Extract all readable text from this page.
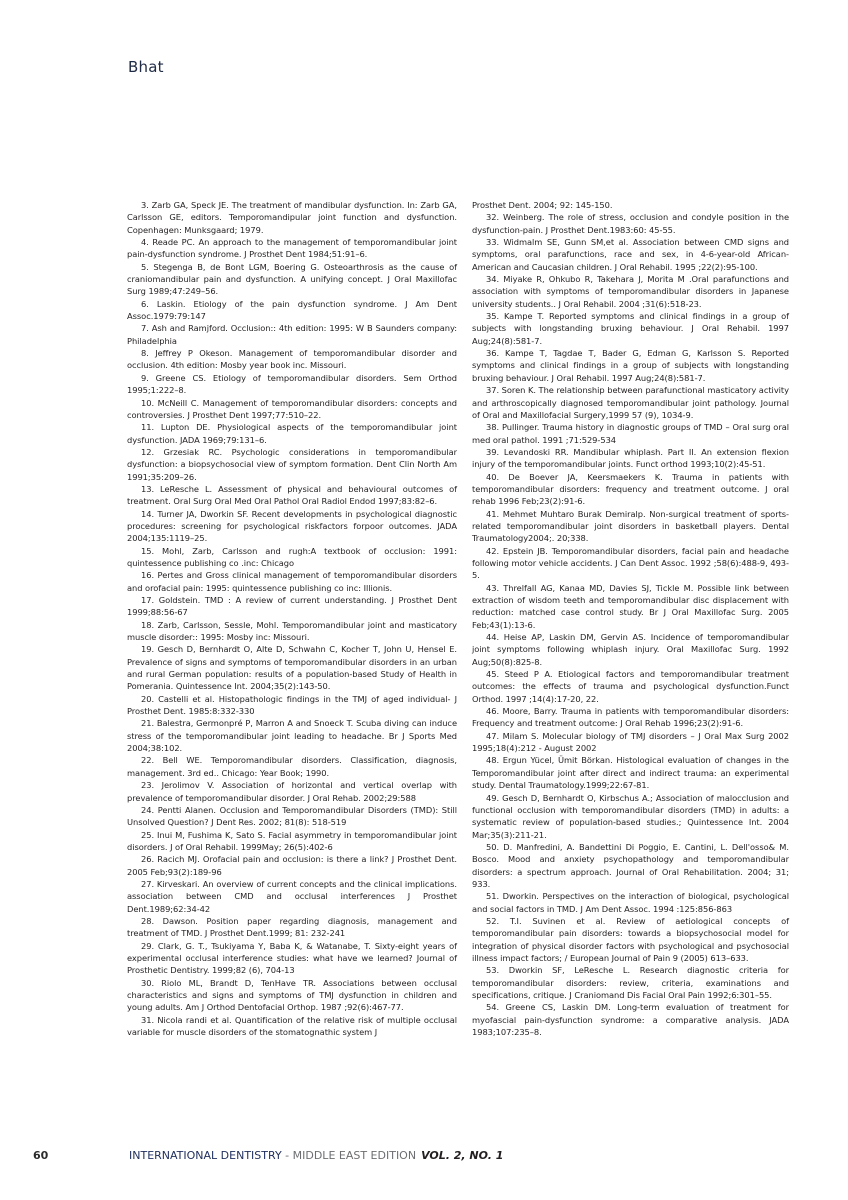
Bhat

3. Zarb GA, Speck JE. The treatment of mandibular dysfunction. In: Zarb GA, Carlsson GE, editors. Temporomandipular joint function and dysfunction. Copenhagen: Munksgaard; 1979.

4. Reade PC. An approach to the management of temporomandibular joint pain-dysfunction syndrome. J Prosthet Dent 1984;51:91–6.

5. Stegenga B, de Bont LGM, Boering G. Osteoarthrosis as the cause of craniomandibular pain and dysfunction. A unifying concept. J Oral Maxillofac Surg 1989;47:249–56.

6. Laskin. Etiology of the pain dysfunction syndrome. J Am Dent Assoc.1979:79:147

7. Ash and Ramjford. Occlusion:: 4th edition: 1995: W B Saunders company: Philadelphia

8. Jeffrey P Okeson. Management of temporomandibular disorder and occlusion. 4th edition: Mosby year book inc. Missouri.

9. Greene CS. Etiology of temporomandibular disorders. Sem Orthod 1995;1:222–8.

10. McNeill C. Management of temporomandibular disorders: concepts and controversies. J Prosthet Dent 1997;77:510–22.

11. Lupton DE. Physiological aspects of the temporomandibular joint dysfunction. JADA 1969;79:131–6.

12. Grzesiak RC. Psychologic considerations in temporomandibular dysfunction: a biopsychosocial view of symptom formation. Dent Clin North Am 1991;35:209–26.

13. LeResche L. Assessment of physical and behavioural outcomes of treatment. Oral Surg Oral Med Oral Pathol Oral Radiol Endod 1997;83:82–6.

14. Turner JA, Dworkin SF. Recent developments in psychological diagnostic procedures: screening for psychological riskfactors forpoor outcomes. JADA 2004;135:1119–25.

15. Mohl, Zarb, Carlsson and rugh:A textbook of occlusion: 1991: quintessence publishing co .inc: Chicago

16. Pertes and Gross clinical management of temporomandibular disorders and orofacial pain: 1995: quintessence publishing co inc: Illionis.

17. Goldstein. TMD : A review of current understanding. J Prosthet Dent 1999;88:56-67

18. Zarb, Carlsson, Sessle, Mohl. Temporomandibular joint and masticatory muscle disorder:: 1995: Mosby inc: Missouri.

19. Gesch D, Bernhardt O, Alte D, Schwahn C, Kocher T, John U, Hensel E. Prevalence of signs and symptoms of temporomandibular disorders in an urban and rural German population: results of a population-based Study of Health in Pomerania. Quintessence Int. 2004;35(2):143-50.

20. Castelli et al. Histopathologic findings in the TMJ of aged individual- J Prosthet Dent. 1985:8:332-330

21. Balestra, Germonpré P, Marron A and Snoeck T. Scuba diving can induce stress of the temporomandibular joint leading to headache. Br J Sports Med 2004;38:102.

22. Bell WE. Temporomandibular disorders. Classification, diagnosis, management. 3rd ed.. Chicago: Year Book; 1990.

23. Jerolimov V. Association of horizontal and vertical overlap with prevalence of temporomandibular disorder. J Oral Rehab. 2002;29:588

24. Pentti Alanen. Occlusion and Temporomandibular Disorders (TMD): Still Unsolved Question? J Dent Res. 2002; 81(8): 518-519

25. Inui M, Fushima K, Sato S. Facial asymmetry in temporomandibular joint disorders. J of Oral Rehabil. 1999May; 26(5):402-6

26. Racich MJ. Orofacial pain and occlusion: is there a link? J Prosthet Dent. 2005 Feb;93(2):189-96

27. Kirveskari. An overview of current concepts and the clinical implications. association between CMD and occlusal interferences J Prosthet Dent.1989;62:34-42

28. Dawson. Position paper regarding diagnosis, management and treatment of TMD. J Prosthet Dent.1999; 81: 232-241

29. Clark, G. T., Tsukiyama Y, Baba K, & Watanabe, T. Sixty-eight years of experimental occlusal interference studies: what have we learned? Journal of Prosthetic Dentistry. 1999;82 (6), 704-13

30. Riolo ML, Brandt D, TenHave TR. Associations between occlusal characteristics and signs and symptoms of TMJ dysfunction in children and young adults. Am J Orthod Dentofacial Orthop. 1987 ;92(6):467-77.

31. Nicola randi et al. Quantification of the relative risk of multiple occlusal variable for muscle disorders of the stomatognathic system J

Prosthet Dent. 2004; 92: 145-150.

32. Weinberg. The role of stress, occlusion and condyle position in the dysfunction-pain. J Prosthet Dent.1983:60: 45-55.

33. Widmalm SE, Gunn SM,et al. Association between CMD signs and symptoms, oral parafunctions, race and sex, in 4-6-year-old African-American and Caucasian children. J Oral Rehabil. 1995 ;22(2):95-100.

34. Miyake R, Ohkubo R, Takehara J, Morita M .Oral parafunctions and association with symptoms of temporomandibular disorders in Japanese university students.. J Oral Rehabil. 2004 ;31(6):518-23.

35. Kampe T. Reported symptoms and clinical findings in a group of subjects with longstanding bruxing behaviour. J Oral Rehabil. 1997 Aug;24(8):581-7.

36. Kampe T, Tagdae T, Bader G, Edman G, Karlsson S. Reported symptoms and clinical findings in a group of subjects with longstanding bruxing behaviour. J Oral Rehabil. 1997 Aug;24(8):581-7.

37. Soren K. The relationship between parafunctional masticatory activity and arthroscopically diagnosed temporomandibular joint pathology. Journal of Oral and Maxillofacial Surgery,1999 57 (9), 1034-9.

38. Pullinger. Trauma history in diagnostic groups of TMD – Oral surg oral med oral pathol. 1991 ;71:529-534

39. Levandoski RR. Mandibular whiplash. Part II. An extension flexion injury of the temporomandibular joints. Funct orthod 1993;10(2):45-51.

40. De Boever JA, Keersmaekers K. Trauma in patients with temporomandibular disorders: frequency and treatment outcome. J oral rehab 1996 Feb;23(2):91-6.

41. Mehmet Muhtaro Burak Demiralp. Non-surgical treatment of sports-related temporomandibular joint disorders in basketball players. Dental Traumatology2004;. 20;338.

42. Epstein JB. Temporomandibular disorders, facial pain and headache following motor vehicle accidents. J Can Dent Assoc. 1992 ;58(6):488-9, 493-5.

43. Threlfall AG, Kanaa MD, Davies SJ, Tickle M. Possible link between extraction of wisdom teeth and temporomandibular disc displacement with reduction: matched case control study. Br J Oral Maxillofac Surg. 2005 Feb;43(1):13-6.

44. Heise AP, Laskin DM, Gervin AS. Incidence of temporomandibular joint symptoms following whiplash injury. Oral Maxillofac Surg. 1992 Aug;50(8):825-8.

45. Steed P A. Etiological factors and temporomandibular treatment outcomes: the effects of trauma and psychological dysfunction.Funct Orthod. 1997 ;14(4):17-20, 22.

46. Moore, Barry. Trauma in patients with temporomandibular disorders: Frequency and treatment outcome: J Oral Rehab 1996;23(2):91-6.

47. Milam S. Molecular biology of TMJ disorders – J Oral Max Surg 2002 1995;18(4):212 - August 2002

48. Ergun Yücel, Ümit Börkan. Histological evaluation of changes in the Temporomandibular joint after direct and indirect trauma: an experimental study. Dental Traumatology.1999;22:67-81.

49. Gesch D, Bernhardt O, Kirbschus A.; Association of malocclusion and functional occlusion with temporomandibular disorders (TMD) in adults: a systematic review of population-based studies.; Quintessence Int. 2004 Mar;35(3):211-21.

50. D. Manfredini, A. Bandettini Di Poggio, E. Cantini, L. Dell'osso& M. Bosco. Mood and anxiety psychopathology and temporomandibular disorders: a spectrum approach. Journal of Oral Rehabilitation. 2004; 31; 933.

51. Dworkin. Perspectives on the interaction of biological, psychological and social factors in TMD. J Am Dent Assoc. 1994 :125:856-863

52. T.I. Suvinen et al. Review of aetiological concepts of temporomandibular pain disorders: towards a biopsychosocial model for integration of physical disorder factors with psychological and psychosocial illness impact factors; / European Journal of Pain 9 (2005) 613–633.

53. Dworkin SF, LeResche L. Research diagnostic criteria for temporomandibular disorders: review, criteria, examinations and specifications, critique. J Craniomand Dis Facial Oral Pain 1992;6:301–55.

54. Greene CS, Laskin DM. Long-term evaluation of treatment for myofascial pain-dysfunction syndrome: a comparative analysis. JADA 1983;107:235–8.

60	INTERNATIONAL DENTISTRY - MIDDLE EAST EDITION VOL. 2, NO. 1
